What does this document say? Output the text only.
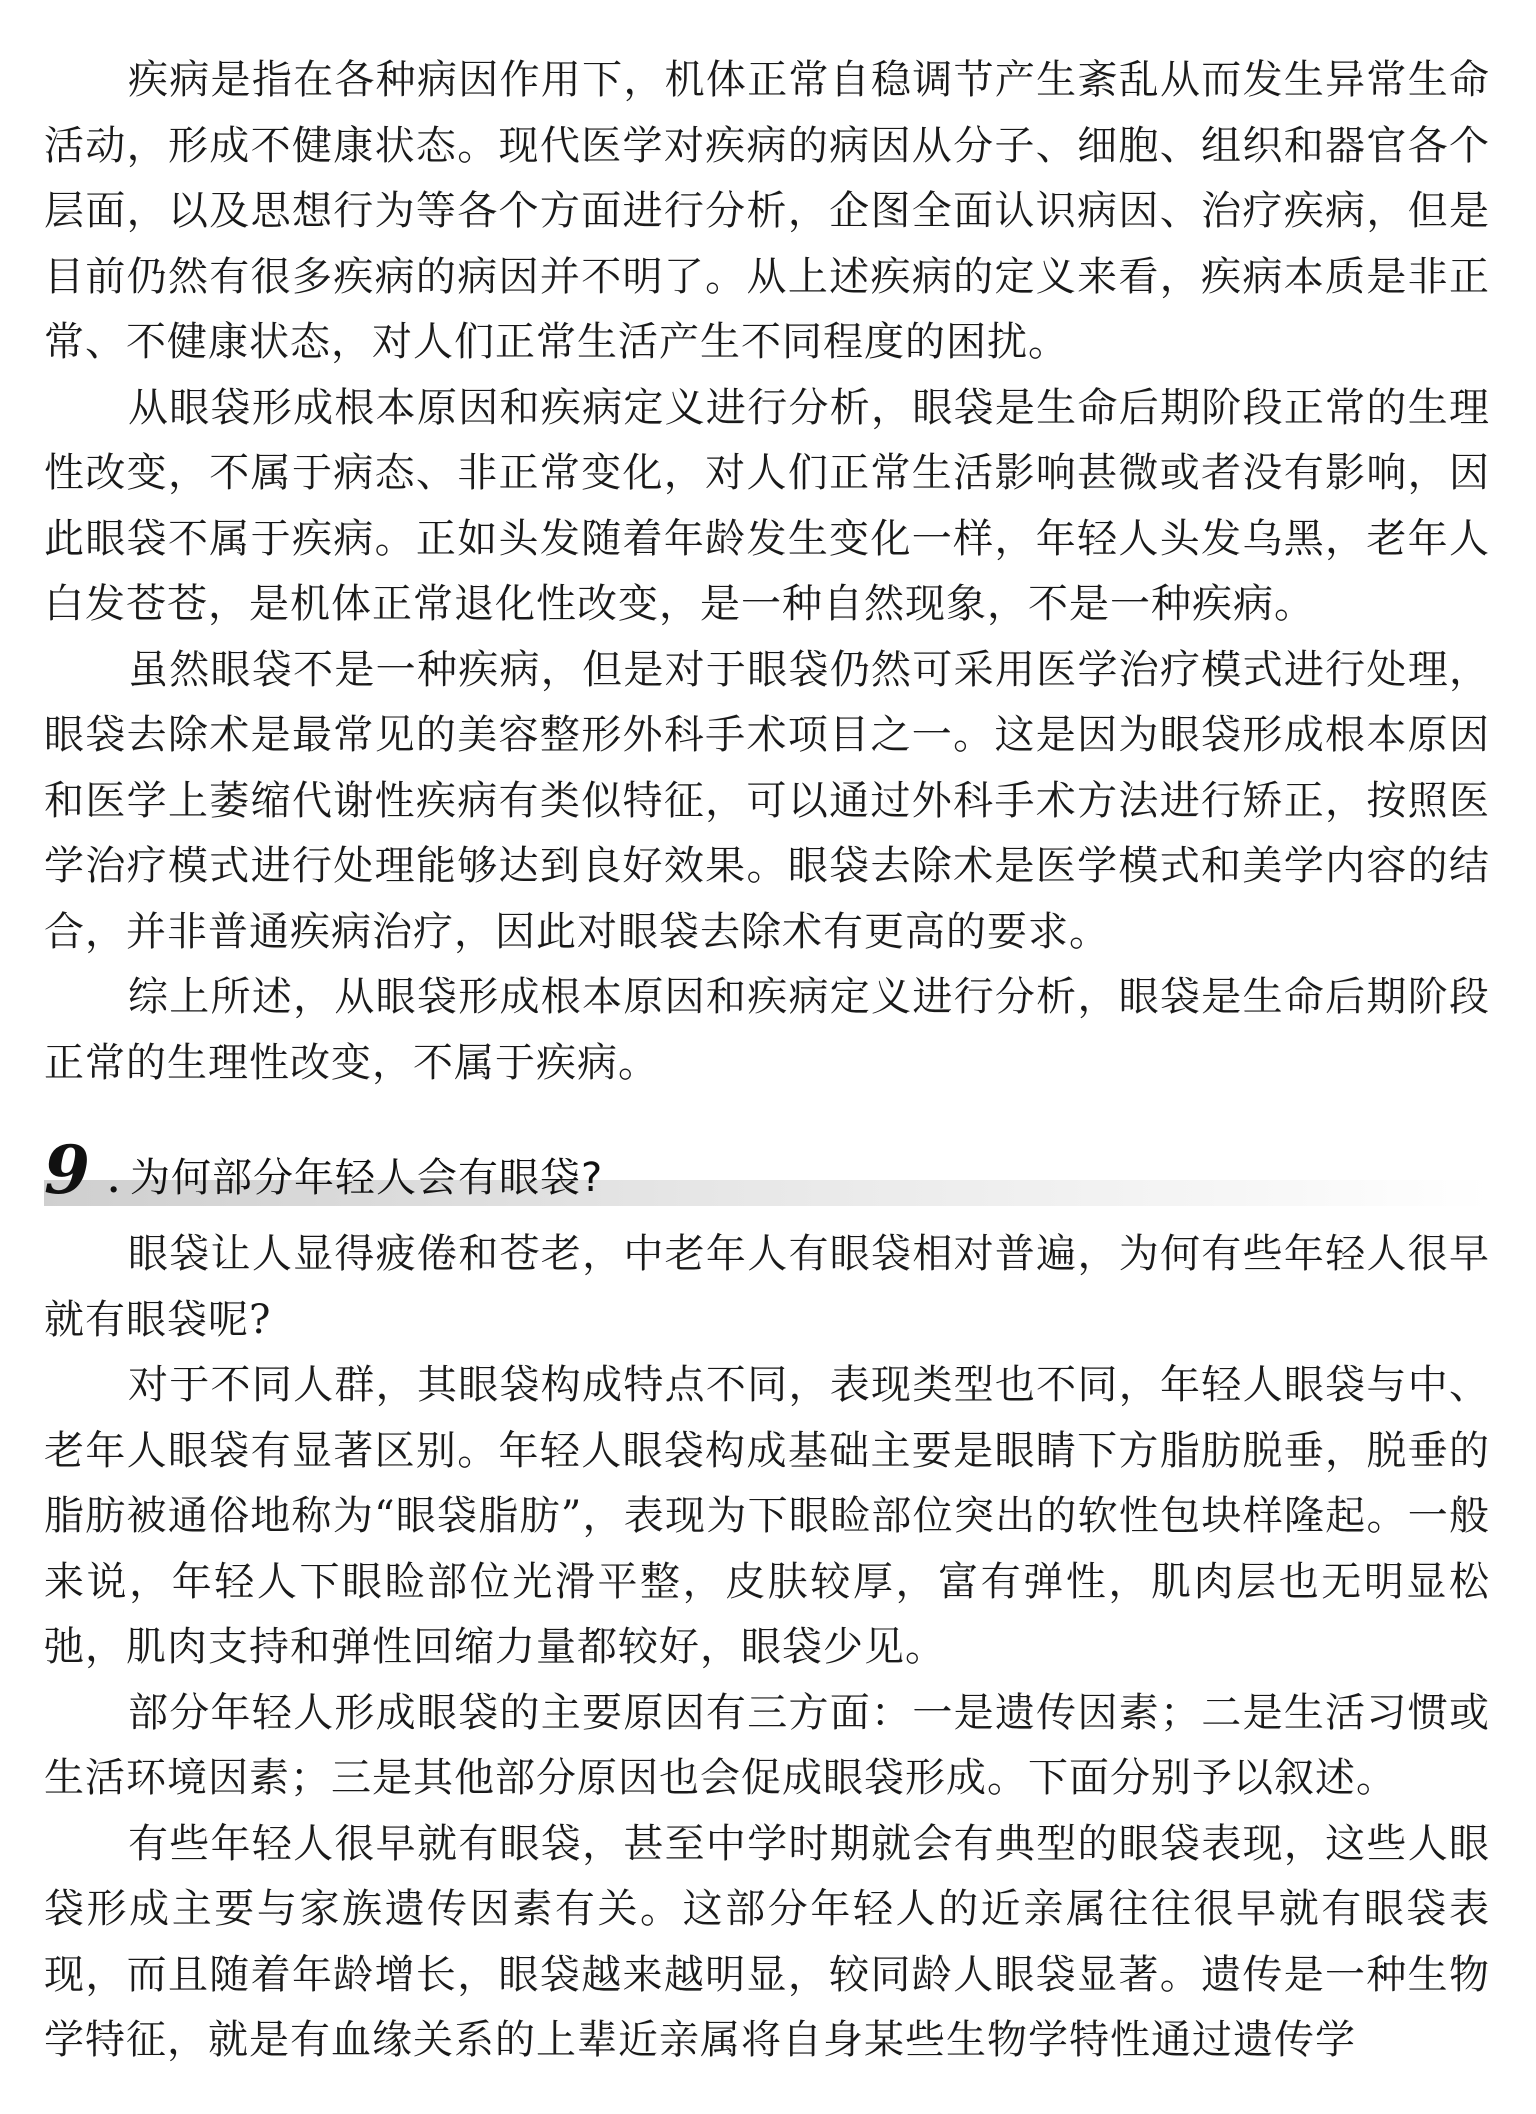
疾病是指在各种病因作用下，机体正常自稳调节产生紊乱从而发生异常生命活动，形成不健康状态。现代医学对疾病的病因从分子、细胞、组织和器官各个层面，以及思想行为等各个方面进行分析，企图全面认识病因、治疗疾病，但是目前仍然有很多疾病的病因并不明了。从上述疾病的定义来看，疾病本质是非正常、不健康状态，对人们正常生活产生不同程度的困扰。

从眼袋形成根本原因和疾病定义进行分析，眼袋是生命后期阶段正常的生理性改变，不属于病态、非正常变化，对人们正常生活影响甚微或者没有影响，因此眼袋不属于疾病。正如头发随着年龄发生变化一样，年轻人头发乌黑，老年人白发苍苍，是机体正常退化性改变，是一种自然现象，不是一种疾病。

虽然眼袋不是一种疾病，但是对于眼袋仍然可采用医学治疗模式进行处理，眼袋去除术是最常见的美容整形外科手术项目之一。这是因为眼袋形成根本原因和医学上萎缩代谢性疾病有类似特征，可以通过外科手术方法进行矫正，按照医学治疗模式进行处理能够达到良好效果。眼袋去除术是医学模式和美学内容的结合，并非普通疾病治疗，因此对眼袋去除术有更高的要求。

综上所述，从眼袋形成根本原因和疾病定义进行分析，眼袋是生命后期阶段正常的生理性改变，不属于疾病。

9 . 为何部分年轻人会有眼袋?

眼袋让人显得疲倦和苍老，中老年人有眼袋相对普遍，为何有些年轻人很早就有眼袋呢?

对于不同人群，其眼袋构成特点不同，表现类型也不同，年轻人眼袋与中、老年人眼袋有显著区别。年轻人眼袋构成基础主要是眼睛下方脂肪脱垂，脱垂的脂肪被通俗地称为“眼袋脂肪”，表现为下眼睑部位突出的软性包块样隆起。一般来说，年轻人下眼睑部位光滑平整，皮肤较厚，富有弹性，肌肉层也无明显松弛，肌肉支持和弹性回缩力量都较好，眼袋少见。

部分年轻人形成眼袋的主要原因有三方面：一是遗传因素；二是生活习惯或生活环境因素；三是其他部分原因也会促成眼袋形成。下面分别予以叙述。

有些年轻人很早就有眼袋，甚至中学时期就会有典型的眼袋表现，这些人眼袋形成主要与家族遗传因素有关。这部分年轻人的近亲属往往很早就有眼袋表现，而且随着年龄增长，眼袋越来越明显，较同龄人眼袋显著。遗传是一种生物学特征，就是有血缘关系的上辈近亲属将自身某些生物学特性通过遗传学
